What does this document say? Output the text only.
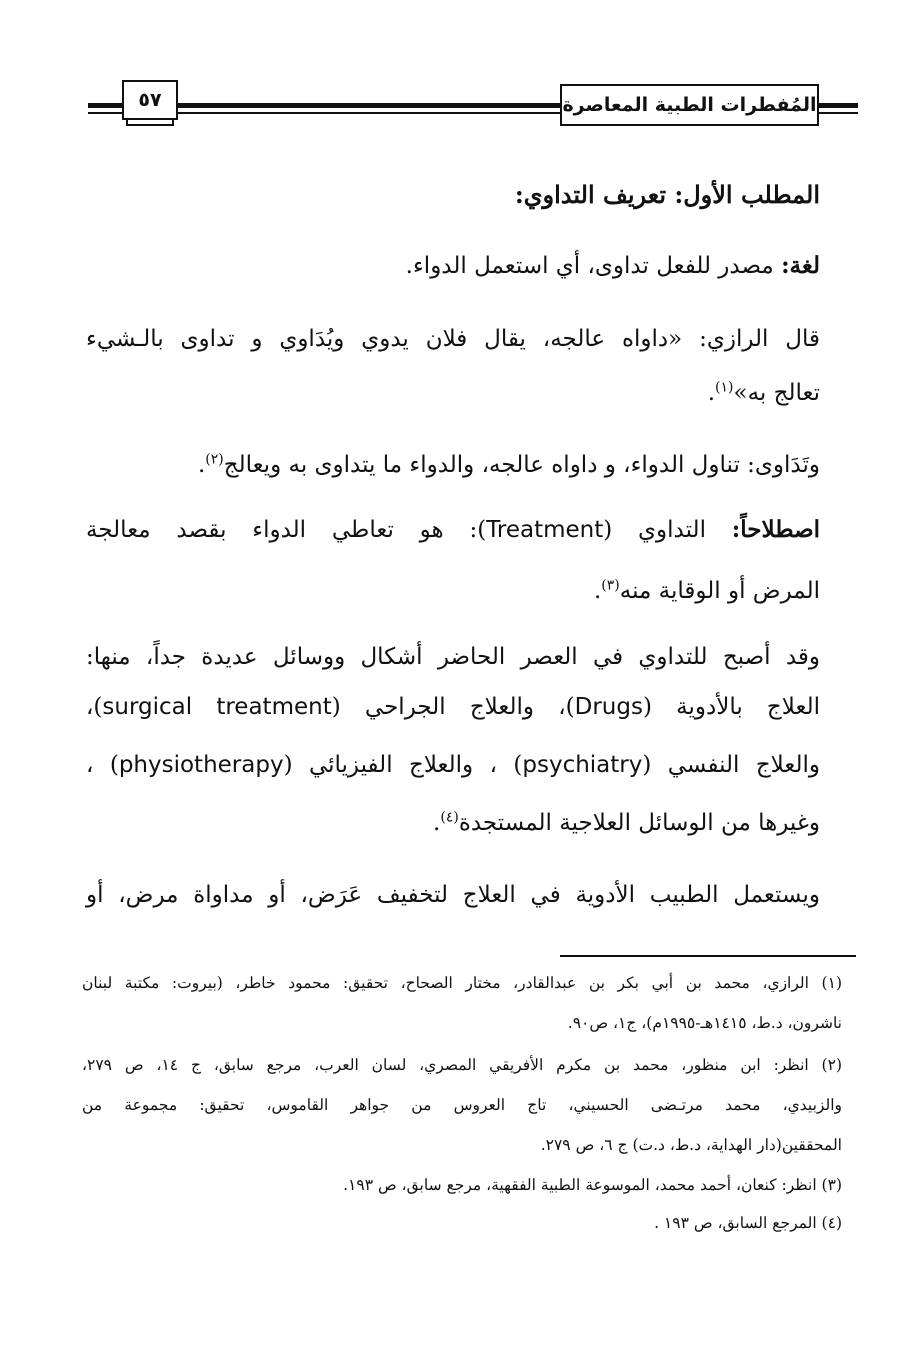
٥٧	المُفطرات الطبية المعاصرة
المطلب الأول: تعريف التداوي:
لغة: مصدر للفعل تداوى، أي استعمل الدواء.
قال الرازي: «داواه عالجه، يقال فلان يدوي ويُدَاوي و تداوى بالـشيء
تعالج به»$^{(١)}$.
وتَدَاوى: تناول الدواء، و داواه عالجه، والدواء ما يتداوى به ويعالج$^{(٢)}$.
اصطلاحاً: التداوي (Treatment): هو تعاطي الدواء بقصد معالجة
المرض أو الوقاية منه$^{(٣)}$.
وقد أصبح للتداوي في العصر الحاضر أشكال ووسائل عديدة جداً، منها:
العلاج بالأدوية (Drugs)، والعلاج الجراحي (surgical treatment)،
والعلاج النفسي (psychiatry) ، والعلاج الفيزيائي (physiotherapy) ،
وغيرها من الوسائل العلاجية المستجدة$^{(٤)}$.
ويستعمل الطبيب الأدوية في العلاج لتخفيف عَرَض، أو مداواة مرض، أو
(١) الرازي، محمد بن أبي بكر بن عبدالقادر، مختار الصحاح، تحقيق: محمود خاطر، (بيروت: مكتبة لبنان
ناشرون، د.ط، ١٤١٥هـ-١٩٩٥م)، ج١، ص٩٠.
(٢) انظر: ابن منظور، محمد بن مكرم الأفريقي المصري، لسان العرب، مرجع سابق، ج ١٤، ص ٢٧٩،
والزبيدي، محمد مرتـضى الحسيني، تاج العروس من جواهر القاموس، تحقيق: مجموعة من
المحققين(دار الهداية، د.ط، د.ت) ج ٦، ص ٢٧٩.
(٣) انظر: كنعان، أحمد محمد، الموسوعة الطبية الفقهية، مرجع سابق، ص ١٩٣.
(٤) المرجع السابق، ص ١٩٣ .
